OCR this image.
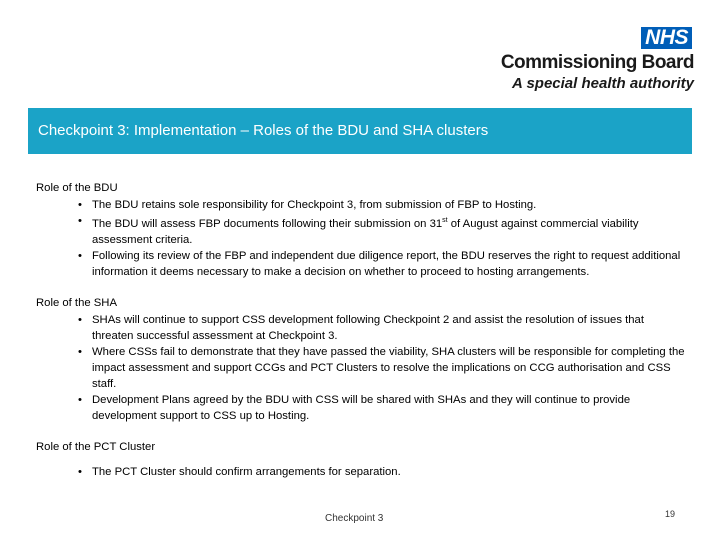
NHS
Commissioning Board
A special health authority
Checkpoint 3: Implementation – Roles of the BDU and SHA clusters
Role of the BDU
• The BDU retains sole responsibility for Checkpoint 3, from submission of FBP to Hosting.
• The BDU will assess FBP documents following their submission on 31st of August against commercial viability assessment criteria.
• Following its review of the FBP and independent due diligence report, the BDU reserves the right to request additional information it deems necessary to make a decision on whether to proceed to hosting arrangements.
Role of the SHA
• SHAs will continue to support CSS development following Checkpoint 2 and assist the resolution of issues that threaten successful assessment at Checkpoint 3.
• Where CSSs fail to demonstrate that they have passed the viability, SHA clusters will be responsible for completing the impact assessment and support CCGs and PCT Clusters to resolve the implications on CCG authorisation and CSS staff.
• Development Plans agreed by the BDU with CSS will be shared with SHAs and they will continue to provide development support to CSS up to Hosting.
Role of the PCT Cluster
• The PCT Cluster should confirm arrangements for separation.
Checkpoint 3	19
